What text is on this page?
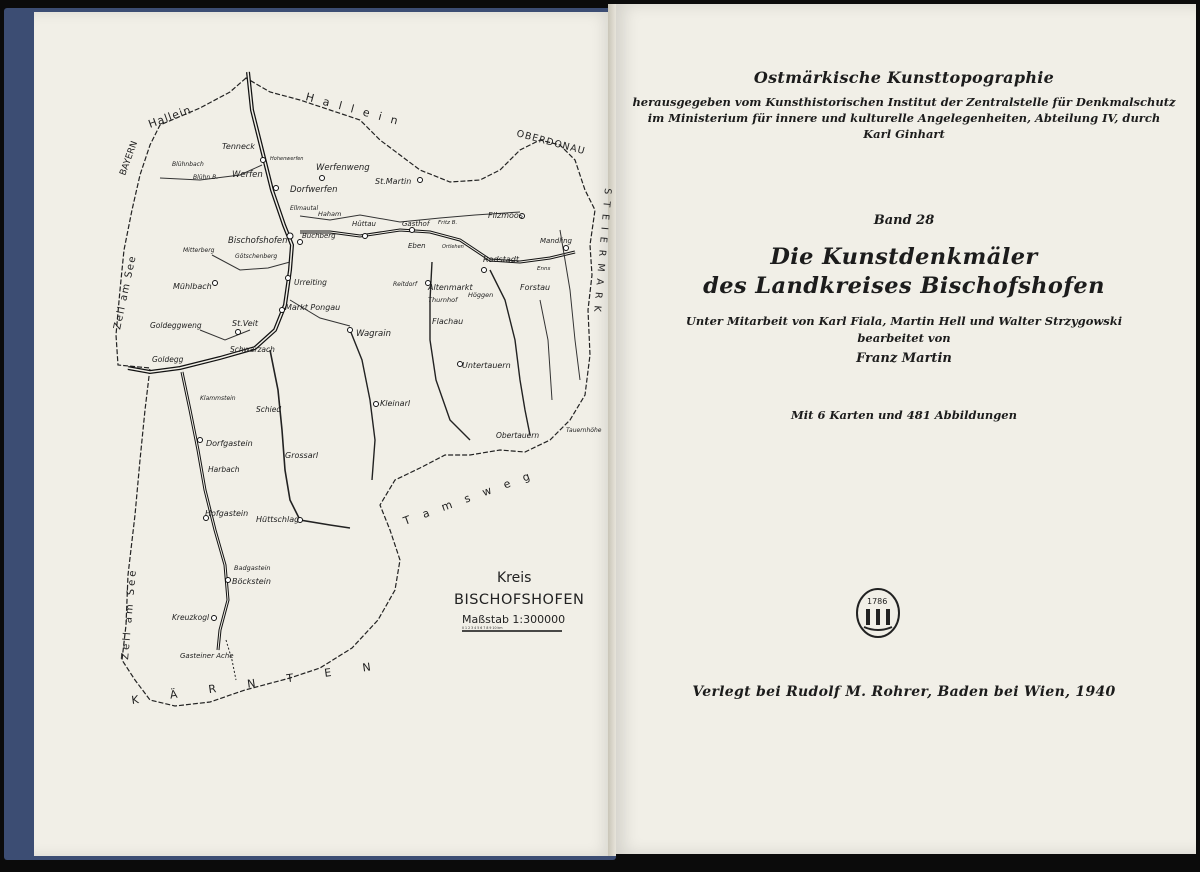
Hallein	H a l l e i n
BAYERN	OBERDONAU
S T E I E R M A R K
Zell am See
Zell am See
K Ä R N T E N
T a m s w e g
Tenneck
Hohenwerfen
Blühnbach
Blühn B. Werfen
Werfenweng
Dorfwerfen
St.Martin
Ellmautal
Haham
Hüttau	Gasthof Fritz B.
Filzmoos
Mandling
Bischofshofen Buchberg
Mitterberg
Götschenberg
Eben	Ortlehen
Radstadt
Enns
Mühlbach	Urreiting	Reitdorf Altenmarkt	Forstau
Höggen
Markt Pongau
Thurnhof
Goldeggweng	St.Veit
Wagrain
Flachau
Goldegg
Schwarzach
Untertauern
Klammstein
Schied
Kleinarl
Dorfgastein
Obertauern
Tauernhöhe
Grossarl
Harbach
Hofgastein
Hüttschlag
Badgastein
Böckstein
Kreuzkogl
Gasteiner Ache
Kreis
BISCHOFSHOFEN
Maßstab 1:300000
0 1 2 3 4 5 6 7 8 9 10 km

Ostmärkische Kunsttopographie

herausgegeben vom Kunsthistorischen Institut der Zentralstelle für Denkmalschutz
im Ministerium für innere und kulturelle Angelegenheiten, Abteilung IV, durch
Karl Ginhart

Band 28

Die Kunstdenkmäler
des Landkreises Bischofshofen

Unter Mitarbeit von Karl Fiala, Martin Hell und Walter Strzygowski
bearbeitet von

Franz Martin

Mit 6 Karten und 481 Abbildungen

1786

Verlegt bei Rudolf M. Rohrer, Baden bei Wien, 1940
